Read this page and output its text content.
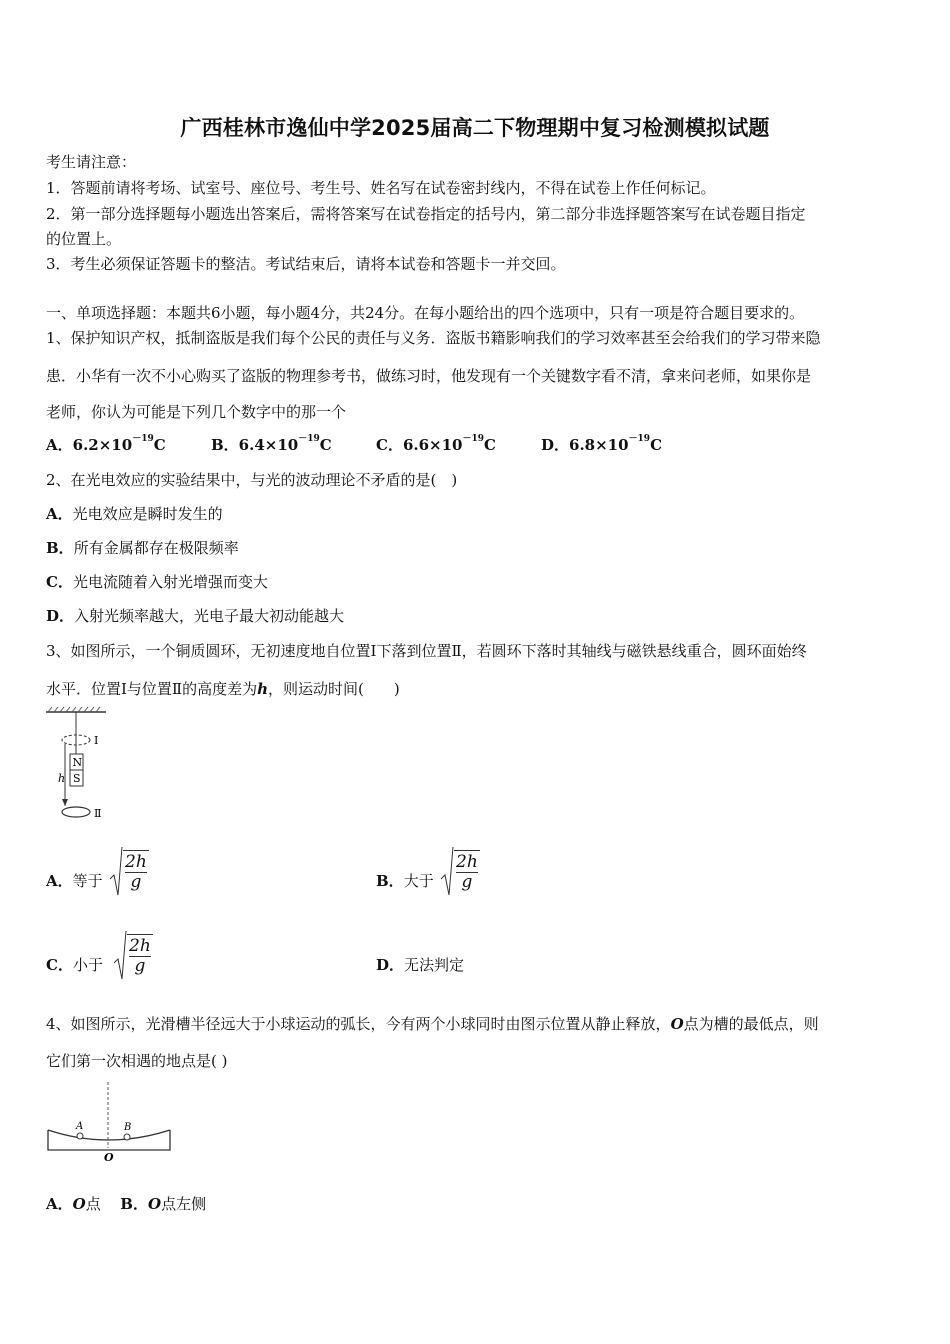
广西桂林市逸仙中学2025届高二下物理期中复习检测模拟试题
考生请注意：
1．答题前请将考场、试室号、座位号、考生号、姓名写在试卷密封线内，不得在试卷上作任何标记。
2．第一部分选择题每小题选出答案后，需将答案写在试卷指定的括号内，第二部分非选择题答案写在试卷题目指定
的位置上。
3．考生必须保证答题卡的整洁。考试结束后，请将本试卷和答题卡一并交回。
一、单项选择题：本题共6小题，每小题4分，共24分。在每小题给出的四个选项中，只有一项是符合题目要求的。
1、保护知识产权，抵制盗版是我们每个公民的责任与义务．盗版书籍影响我们的学习效率甚至会给我们的学习带来隐
患．小华有一次不小心购买了盗版的物理参考书，做练习时，他发现有一个关键数字看不清，拿来问老师，如果你是
老师，你认为可能是下列几个数字中的那一个
A．$6.2\times 10^{-19}C$	B．$6.4\times 10^{-19}C$	C．$6.6\times 10^{-19}C$	D．$6.8\times 10^{-19}C$
2、在光电效应的实验结果中，与光的波动理论不矛盾的是(　)
A．光电效应是瞬时发生的
B．所有金属都存在极限频率
C．光电流随着入射光增强而变大
D．入射光频率越大，光电子最大初动能越大
3、如图所示，一个铜质圆环，无初速度地自位置Ⅰ下落到位置Ⅱ，若圆环下落时其轴线与磁铁悬线重合，圆环面始终
水平．位置Ⅰ与位置Ⅱ的高度差为h，则运动时间(　　)
Ⅰ
N
S
h
Ⅱ
A．等于 $\frac{2h}{g}$	B．大于 $\frac{2h}{g}$
C．小于 $\frac{2h}{g}$	D．无法判定
4、如图所示，光滑槽半径远大于小球运动的弧长，今有两个小球同时由图示位置从静止释放，O点为槽的最低点，则
它们第一次相遇的地点是( )
A	B
O
A．O点 B．O点左侧
